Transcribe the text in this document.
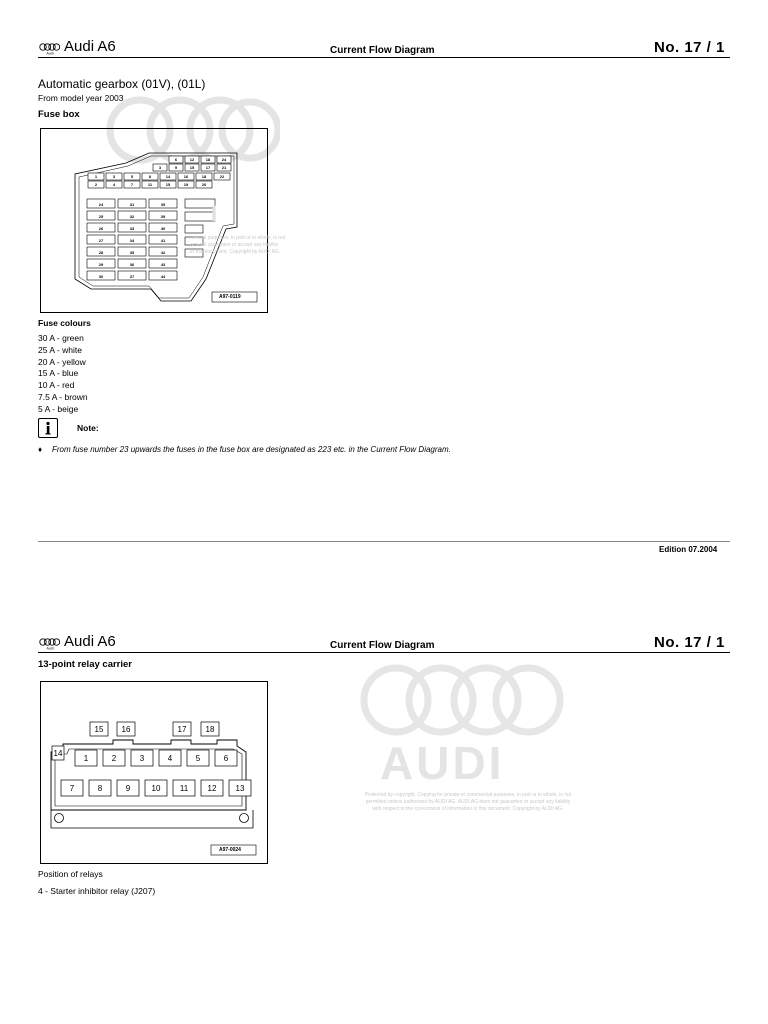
Audi Audi A6	Current Flow Diagram	No. 17 / 1
Automatic gearbox (01V), (01L)
From model year 2003
Fuse box
6	12	18	24
3	9	15	17	21
1	3	5	8	14	16	18	22
2	4	7	11	15	19	20
24	31	35
25	32	39
26	33	40
27	34	41
28	35	42
29	36	43
30	37	44
I
A97-0119
...mercial purposes, in part or in whole, is not
...oes not guarantee or accept any liability
...in this document. Copyright by AUDI AG.
Fuse colours
30 A - green
25 A - white
20 A - yellow
15 A - blue
10 A - red
7.5 A - brown
5 A - beige
Note:
♦ From fuse number 23 upwards the fuses in the fuse box are designated as 223 etc. in the Current Flow Diagram.
Edition 07.2004
Audi Audi A6	Current Flow Diagram	No. 17 / 1
13-point relay carrier
1	2	3	4	5	6
7	8	9	10 11 12 13
14
15 16	17 18
A97-0024
AUDI
Protected by copyright. Copying for private or commercial purposes, in part or in whole, is not
permitted unless authorised by AUDI AG. AUDI AG does not guarantee or accept any liability
with respect to the correctness of information in this document. Copyright by AUDI AG.
Position of relays
4 - Starter inhibitor relay (J207)
